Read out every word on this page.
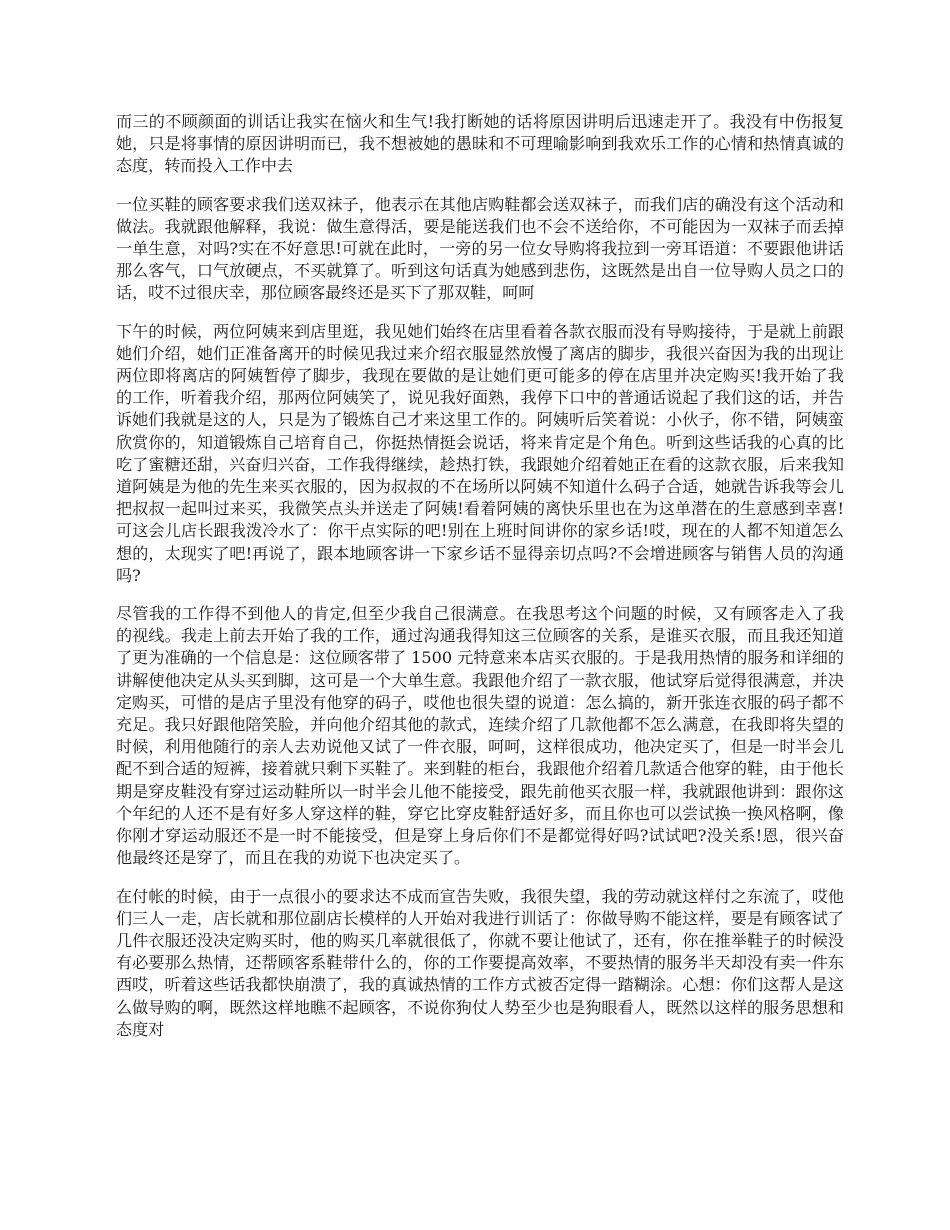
而三的不顾颜面的训话让我实在恼火和生气!我打断她的话将原因讲明后迅速走开了。我没有中伤报复她，只是将事情的原因讲明而已，我不想被她的愚昧和不可理喻影响到我欢乐工作的心情和热情真诚的态度，转而投入工作中去

一位买鞋的顾客要求我们送双袜子，他表示在其他店购鞋都会送双袜子，而我们店的确没有这个活动和做法。我就跟他解释，我说：做生意得活，要是能送我们也不会不送给你，不可能因为一双袜子而丢掉一单生意，对吗?实在不好意思!可就在此时，一旁的另一位女导购将我拉到一旁耳语道：不要跟他讲话那么客气，口气放硬点，不买就算了。听到这句话真为她感到悲伤，这既然是出自一位导购人员之口的话，哎不过很庆幸，那位顾客最终还是买下了那双鞋，呵呵

下午的时候，两位阿姨来到店里逛，我见她们始终在店里看着各款衣服而没有导购接待，于是就上前跟她们介绍，她们正准备离开的时候见我过来介绍衣服显然放慢了离店的脚步，我很兴奋因为我的出现让两位即将离店的阿姨暂停了脚步，我现在要做的是让她们更可能多的停在店里并决定购买!我开始了我的工作，听着我介绍，那两位阿姨笑了，说见我好面熟，我停下口中的普通话说起了我们这的话，并告诉她们我就是这的人，只是为了锻炼自己才来这里工作的。阿姨听后笑着说：小伙子，你不错，阿姨蛮欣赏你的，知道锻炼自己培育自己，你挺热情挺会说话，将来肯定是个角色。听到这些话我的心真的比吃了蜜糖还甜，兴奋归兴奋，工作我得继续，趁热打铁，我跟她介绍着她正在看的这款衣服，后来我知道阿姨是为他的先生来买衣服的，因为叔叔的不在场所以阿姨不知道什么码子合适，她就告诉我等会儿把叔叔一起叫过来买，我微笑点头并送走了阿姨!看着阿姨的离快乐里也在为这单潜在的生意感到幸喜!可这会儿店长跟我泼冷水了：你干点实际的吧!别在上班时间讲你的家乡话!哎，现在的人都不知道怎么想的，太现实了吧!再说了，跟本地顾客讲一下家乡话不显得亲切点吗?不会增进顾客与销售人员的沟通吗?

尽管我的工作得不到他人的肯定,但至少我自己很满意。在我思考这个问题的时候，又有顾客走入了我的视线。我走上前去开始了我的工作，通过沟通我得知这三位顾客的关系，是谁买衣服，而且我还知道了更为准确的一个信息是：这位顾客带了 1500 元特意来本店买衣服的。于是我用热情的服务和详细的讲解使他决定从头买到脚，这可是一个大单生意。我跟他介绍了一款衣服，他试穿后觉得很满意，并决定购买，可惜的是店子里没有他穿的码子，哎他也很失望的说道：怎么搞的，新开张连衣服的码子都不充足。我只好跟他陪笑脸，并向他介绍其他的款式，连续介绍了几款他都不怎么满意，在我即将失望的时候，利用他随行的亲人去劝说他又试了一件衣服，呵呵，这样很成功，他决定买了，但是一时半会儿配不到合适的短裤，接着就只剩下买鞋了。来到鞋的柜台，我跟他介绍着几款适合他穿的鞋，由于他长期是穿皮鞋没有穿过运动鞋所以一时半会儿他不能接受，跟先前他买衣服一样，我就跟他讲到：跟你这个年纪的人还不是有好多人穿这样的鞋，穿它比穿皮鞋舒适好多，而且你也可以尝试换一换风格啊，像你刚才穿运动服还不是一时不能接受，但是穿上身后你们不是都觉得好吗?试试吧?没关系!恩，很兴奋他最终还是穿了，而且在我的劝说下也决定买了。

在付帐的时候，由于一点很小的要求达不成而宣告失败，我很失望，我的劳动就这样付之东流了，哎他们三人一走，店长就和那位副店长模样的人开始对我进行训话了：你做导购不能这样，要是有顾客试了几件衣服还没决定购买时，他的购买几率就很低了，你就不要让他试了，还有，你在推举鞋子的时候没有必要那么热情，还帮顾客系鞋带什么的，你的工作要提高效率，不要热情的服务半天却没有卖一件东西哎，听着这些话我都快崩溃了，我的真诚热情的工作方式被否定得一踏糊涂。心想：你们这帮人是这么做导购的啊，既然这样地瞧不起顾客，不说你狗仗人势至少也是狗眼看人，既然以这样的服务思想和态度对
